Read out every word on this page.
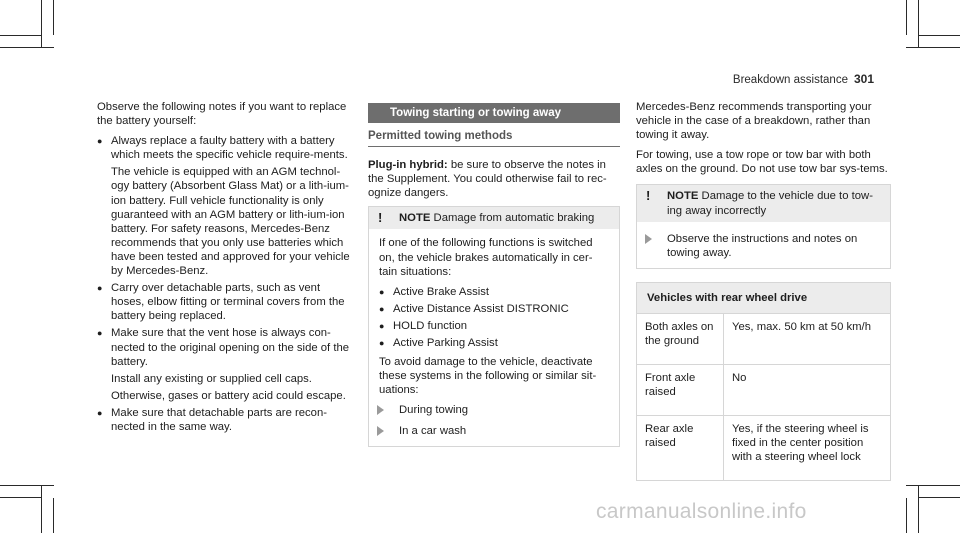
Breakdown assistance 301

Observe the following notes if you want to replace the battery yourself:

● Always replace a faulty battery with a battery which meets the specific vehicle require-ments.

The vehicle is equipped with an AGM technol-ogy battery (Absorbent Glass Mat) or a lith-ium-ion battery. Full vehicle functionality is only guaranteed with an AGM battery or lith-ium-ion battery. For safety reasons, Mercedes-Benz recommends that you only use batteries which have been tested and approved for your vehicle by Mercedes-Benz.

● Carry over detachable parts, such as vent hoses, elbow fitting or terminal covers from the battery being replaced.
● Make sure that the vent hose is always con-nected to the original opening on the side of the battery.

Install any existing or supplied cell caps.

Otherwise, gases or battery acid could escape.

● Make sure that detachable parts are recon-nected in the same way.
Towing starting or towing away
Permitted towing methods

Plug-in hybrid: be sure to observe the notes in the Supplement. You could otherwise fail to rec-ognize dangers.

!	NOTE Damage from automatic braking

If one of the following functions is switched on, the vehicle brakes automatically in cer-tain situations:

● Active Brake Assist
● Active Distance Assist DISTRONIC
● HOLD function
● Active Parking Assist

To avoid damage to the vehicle, deactivate these systems in the following or similar sit-uations:

During towing
In a car wash

Mercedes-Benz recommends transporting your vehicle in the case of a breakdown, rather than towing it away.

For towing, use a tow rope or tow bar with both axles on the ground. Do not use tow bar sys-tems.

!	NOTE Damage to the vehicle due to tow-ing away incorrectly
Observe the instructions and notes on towing away.
Vehicles with rear wheel drive	
Both axles on the ground	Yes, max. 50 km at 50 km/h
Front axle raised	No
Rear axle raised	Yes, if the steering wheel is fixed in the center position with a steering wheel lock
carmanualsonline.info
